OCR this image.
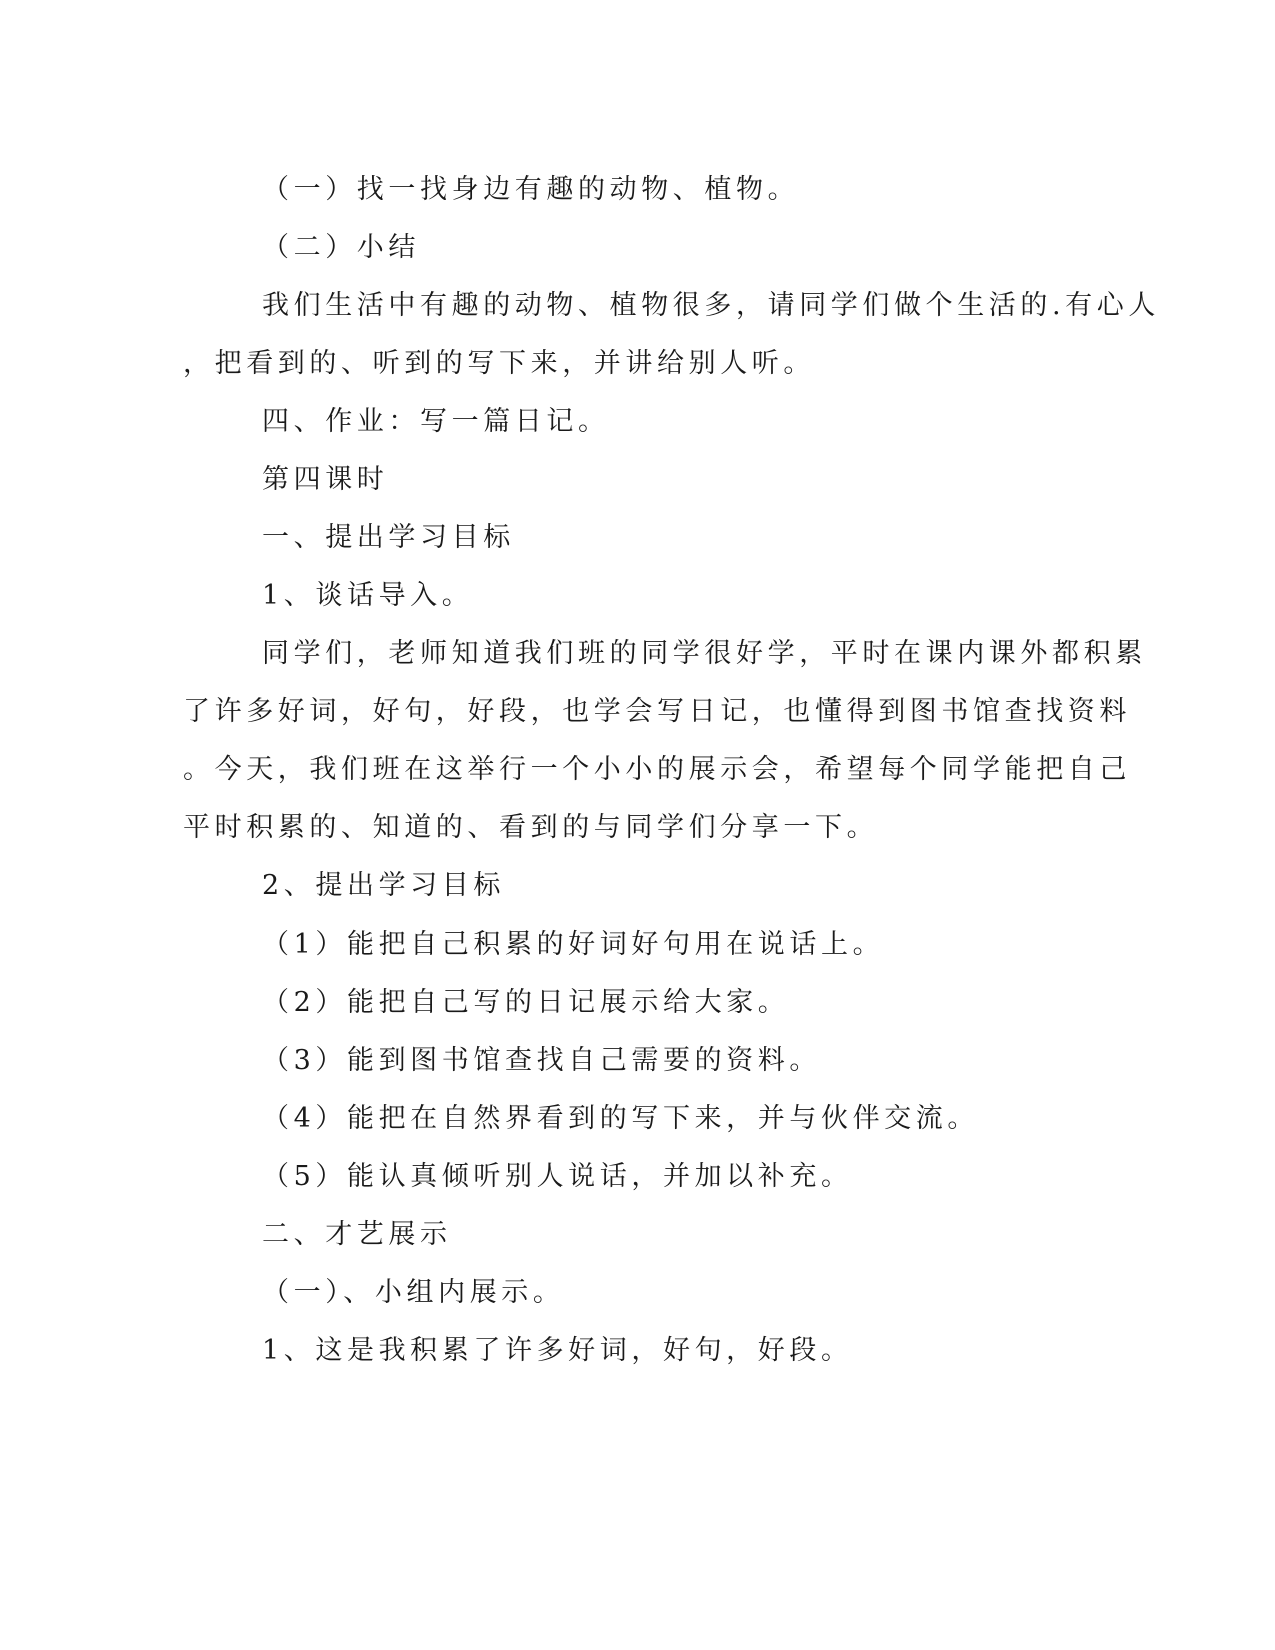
（一）找一找身边有趣的动物、植物。
（二）小结
我们生活中有趣的动物、植物很多，请同学们做个生活的.有心人
，把看到的、听到的写下来，并讲给别人听。
四、作业：写一篇日记。
第四课时
一、提出学习目标
1、谈话导入。
同学们，老师知道我们班的同学很好学，平时在课内课外都积累
了许多好词，好句，好段，也学会写日记，也懂得到图书馆查找资料
。今天，我们班在这举行一个小小的展示会，希望每个同学能把自己
平时积累的、知道的、看到的与同学们分享一下。
2、提出学习目标
（1）能把自己积累的好词好句用在说话上。
（2）能把自己写的日记展示给大家。
（3）能到图书馆查找自己需要的资料。
（4）能把在自然界看到的写下来，并与伙伴交流。
（5）能认真倾听别人说话，并加以补充。
二、才艺展示
（一）、小组内展示。
1、这是我积累了许多好词，好句，好段。
